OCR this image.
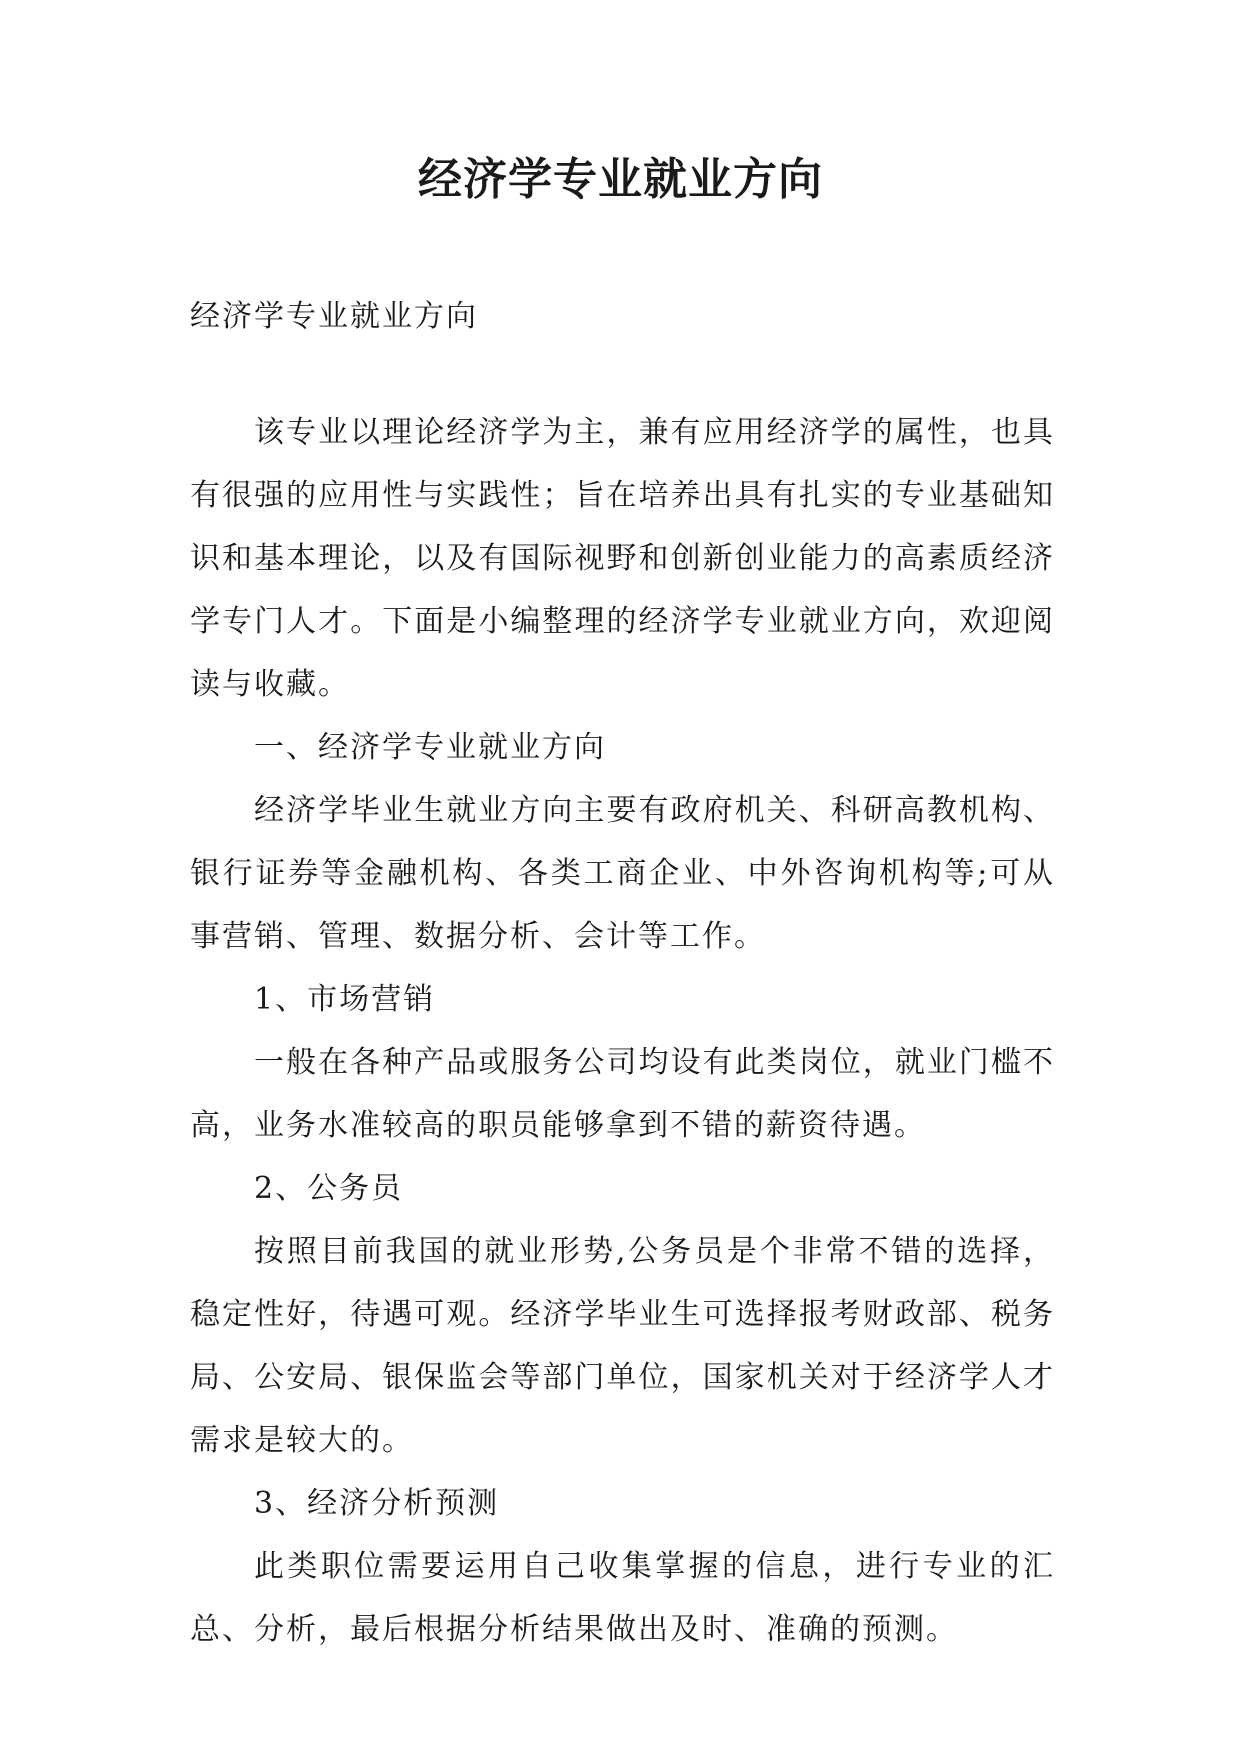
经济学专业就业方向

经济学专业就业方向

该专业以理论经济学为主，兼有应用经济学的属性，也具有很强的应用性与实践性；旨在培养出具有扎实的专业基础知识和基本理论，以及有国际视野和创新创业能力的高素质经济学专门人才。下面是小编整理的经济学专业就业方向，欢迎阅读与收藏。

一、经济学专业就业方向

经济学毕业生就业方向主要有政府机关、科研高教机构、银行证券等金融机构、各类工商企业、中外咨询机构等;可从事营销、管理、数据分析、会计等工作。

1、市场营销

一般在各种产品或服务公司均设有此类岗位，就业门槛不高，业务水准较高的职员能够拿到不错的薪资待遇。

2、公务员

按照目前我国的就业形势,公务员是个非常不错的选择，稳定性好，待遇可观。经济学毕业生可选择报考财政部、税务局、公安局、银保监会等部门单位，国家机关对于经济学人才需求是较大的。

3、经济分析预测

此类职位需要运用自己收集掌握的信息，进行专业的汇总、分析，最后根据分析结果做出及时、准确的预测。
